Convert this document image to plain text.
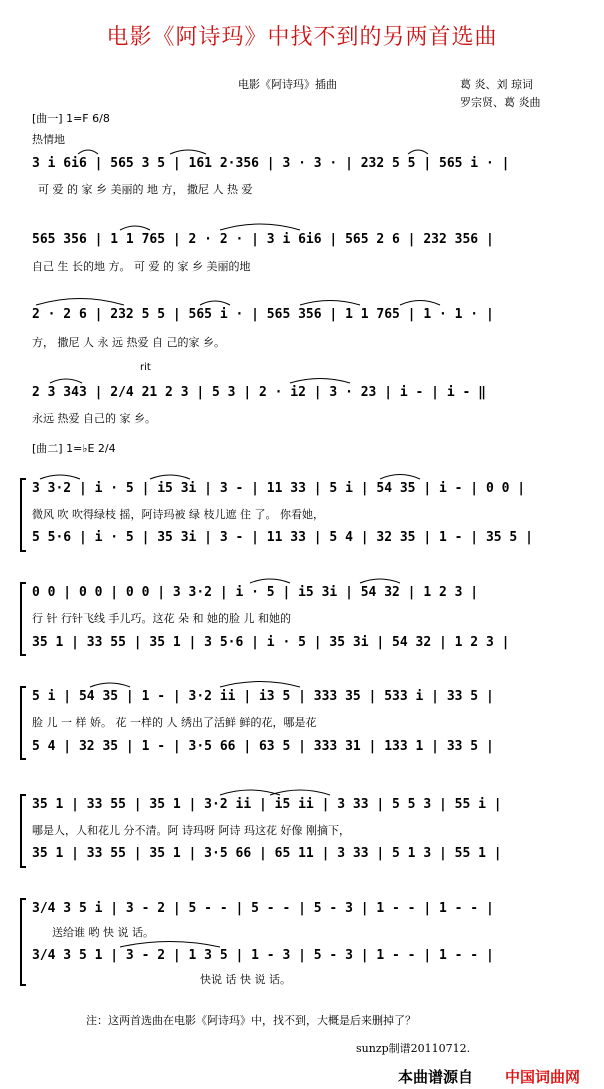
电影《阿诗玛》中找不到的另两首选曲
电影《阿诗玛》插曲	葛 炎、刘 琼词
罗宗贤、葛 炎曲
[曲一] 1=F 6/8
热情地
3 i 6i6 | 565 3 5 | 161 2·356 | 3 · 3 · | 232 5 5 | 565 i · |
可 爱 的 家 乡 美丽的 地 方， 撒尼 人 热 爱
565 356 | 1 1 765 | 2 · 2 · | 3 i 6i6 | 565 2 6 | 232 356 |
自己 生 长的地 方。 可 爱 的 家 乡 美丽的地
2 · 2 6 | 232 5 5 | 565 i · | 565 356 | 1 1 765 | 1 · 1 · |
方， 撒尼 人 永 远 热爱 自 己的家 乡。
rit
2 3 343 | 2/4 21 2 3 | 5 3 | 2 · i2 | 3 · 23 | i - | i - ‖
永远 热爱 自己的 家 乡。
[曲二] 1=♭E 2/4
3 3·2 | i · 5 | i5 3i | 3 - | 11 33 | 5 i | 54 35 | i - | 0 0 |
微风 吹 吹得绿枝 摇，阿诗玛被 绿 枝儿遮 住 了。 你看她，
5 5·6 | i · 5 | 35 3i | 3 - | 11 33 | 5 4 | 32 35 | 1 - | 35 5 |
0 0 | 0 0 | 0 0 | 3 3·2 | i · 5 | i5 3i | 54 32 | 1 2 3 |
行 针 行针飞线 手儿巧。这花 朵 和 她的脸 儿 和她的
35 1 | 33 55 | 35 1 | 3 5·6 | i · 5 | 35 3i | 54 32 | 1 2 3 |
5 i | 54 35 | 1 - | 3·2 ii | i3 5 | 333 35 | 533 i | 33 5 |
脸 儿 一 样 娇。 花 一样的 人 绣出了活鲜 鲜的花，哪是花
5 4 | 32 35 | 1 - | 3·5 66 | 63 5 | 333 31 | 133 1 | 33 5 |
35 1 | 33 55 | 35 1 | 3·2 ii | i5 ii | 3 33 | 5 5 3 | 55 i |
哪是人，人和花儿 分不清。阿 诗玛呀 阿诗 玛这花 好像 刚摘下，
35 1 | 33 55 | 35 1 | 3·5 66 | 65 11 | 3 33 | 5 1 3 | 55 1 |
3/4 3 5 i | 3 - 2 | 5 - - | 5 - - | 5 - 3 | 1 - - | 1 - - |
送给谁 哟 快 说 话。
3/4 3 5 1 | 3 - 2 | 1 3 5 | 1 - 3 | 5 - 3 | 1 - - | 1 - - |
快说 话 快 说 话。
注：这两首选曲在电影《阿诗玛》中，找不到，大概是后来删掉了？
sunzp制谱20110712.
本曲谱源自 中国词曲网
